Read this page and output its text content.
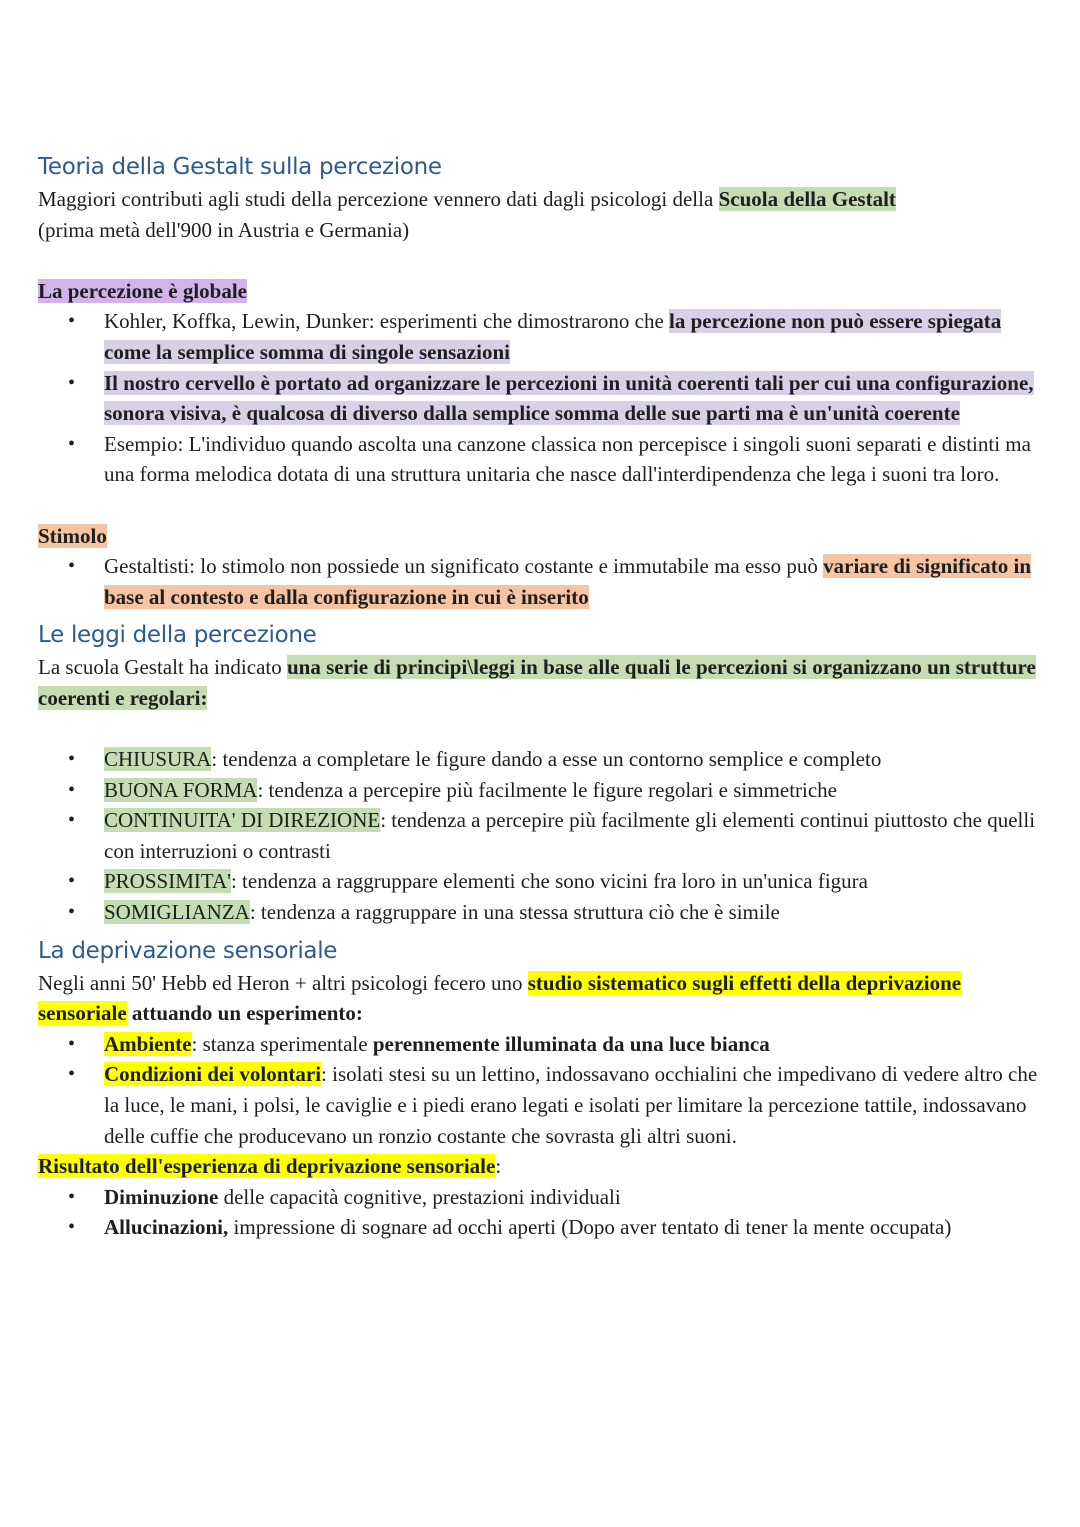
Teoria della Gestalt sulla percezione

Maggiori contributi agli studi della percezione vennero dati dagli psicologi della Scuola della Gestalt

(prima metà dell'900 in Austria e Germania)

La percezione è globale

• Kohler, Koffka, Lewin, Dunker: esperimenti che dimostrarono che la percezione non può essere spiegata come la semplice somma di singole sensazioni
• Il nostro cervello è portato ad organizzare le percezioni in unità coerenti tali per cui una configurazione, sonora visiva, è qualcosa di diverso dalla semplice somma delle sue parti ma è un'unità coerente
• Esempio: L'individuo quando ascolta una canzone classica non percepisce i singoli suoni separati e distinti ma una forma melodica dotata di una struttura unitaria che nasce dall'interdipendenza che lega i suoni tra loro.

Stimolo

• Gestaltisti: lo stimolo non possiede un significato costante e immutabile ma esso può variare di significato in base al contesto e dalla configurazione in cui è inserito
Le leggi della percezione

La scuola Gestalt ha indicato una serie di principi\leggi in base alle quali le percezioni si organizzano un strutture coerenti e regolari:

• CHIUSURA: tendenza a completare le figure dando a esse un contorno semplice e completo
• BUONA FORMA: tendenza a percepire più facilmente le figure regolari e simmetriche
• CONTINUITA' DI DIREZIONE: tendenza a percepire più facilmente gli elementi continui piuttosto che quelli con interruzioni o contrasti
• PROSSIMITA': tendenza a raggruppare elementi che sono vicini fra loro in un'unica figura
• SOMIGLIANZA: tendenza a raggruppare in una stessa struttura ciò che è simile
La deprivazione sensoriale

Negli anni 50' Hebb ed Heron + altri psicologi fecero uno studio sistematico sugli effetti della deprivazione sensoriale attuando un esperimento:

• Ambiente: stanza sperimentale perennemente illuminata da una luce bianca
• Condizioni dei volontari: isolati stesi su un lettino, indossavano occhialini che impedivano di vedere altro che la luce, le mani, i polsi, le caviglie e i piedi erano legati e isolati per limitare la percezione tattile, indossavano delle cuffie che producevano un ronzio costante che sovrasta gli altri suoni.

Risultato dell'esperienza di deprivazione sensoriale:

• Diminuzione delle capacità cognitive, prestazioni individuali
• Allucinazioni, impressione di sognare ad occhi aperti (Dopo aver tentato di tener la mente occupata)
